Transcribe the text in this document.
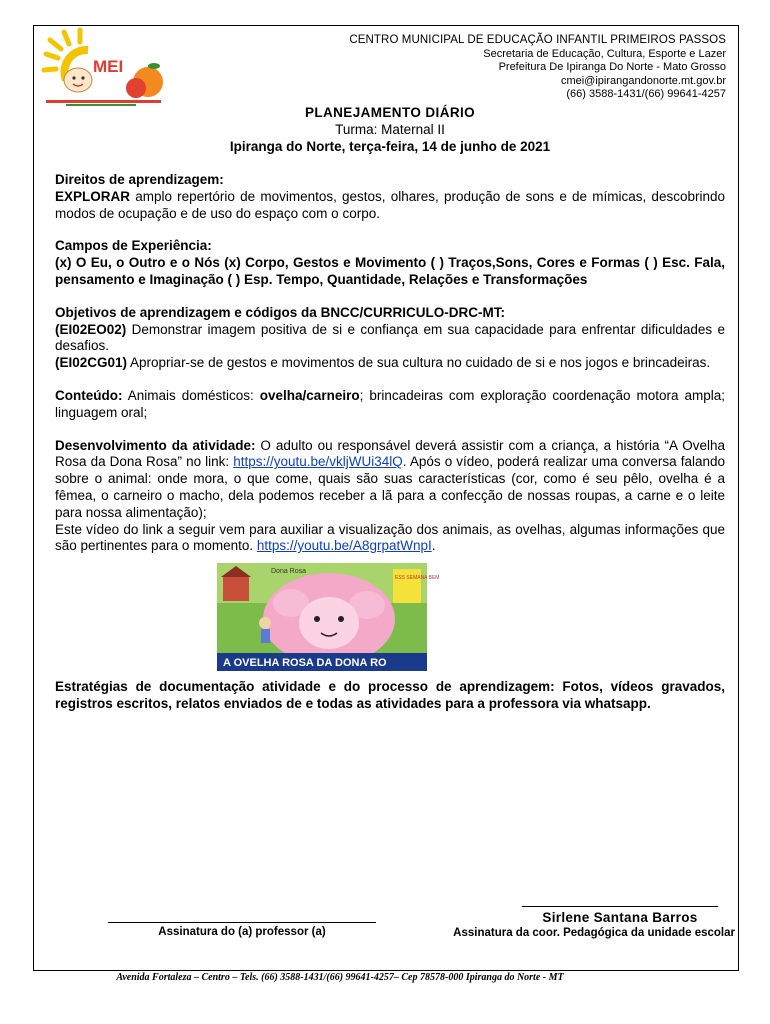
MEI
CENTRO MUNICIPAL DE EDUCAÇÃO INFANTIL PRIMEIROS PASSOS
Secretaria de Educação, Cultura, Esporte e Lazer
Prefeitura De Ipiranga Do Norte - Mato Grosso
cmei@ipirangandonorte.mt.gov.br
(66) 3588-1431/(66) 99641-4257
PLANEJAMENTO DIÁRIO
Turma: Maternal II
Ipiranga do Norte, terça-feira, 14 de junho de 2021

Direitos de aprendizagem:
EXPLORAR amplo repertório de movimentos, gestos, olhares, produção de sons e de mímicas, descobrindo modos de ocupação e de uso do espaço com o corpo.

Campos de Experiência:
(x) O Eu, o Outro e o Nós (x) Corpo, Gestos e Movimento ( ) Traços,Sons, Cores e Formas ( ) Esc. Fala, pensamento e Imaginação ( ) Esp. Tempo, Quantidade, Relações e Transformações

Objetivos de aprendizagem e códigos da BNCC/CURRICULO-DRC-MT:
(EI02EO02) Demonstrar imagem positiva de si e confiança em sua capacidade para enfrentar dificuldades e desafios.
(EI02CG01) Apropriar-se de gestos e movimentos de sua cultura no cuidado de si e nos jogos e brincadeiras.

Conteúdo: Animais domésticos: ovelha/carneiro; brincadeiras com exploração coordenação motora ampla; linguagem oral;

Desenvolvimento da atividade: O adulto ou responsável deverá assistir com a criança, a história “A Ovelha Rosa da Dona Rosa” no link: https://youtu.be/vkljWUi34lQ. Após o vídeo, poderá realizar uma conversa falando sobre o animal: onde mora, o que come, quais são suas características (cor, como é seu pêlo, ovelha é a fêmea, o carneiro o macho, dela podemos receber a lã para a confecção de nossas roupas, a carne e o leite para nossa alimentação);
Este vídeo do link a seguir vem para auxiliar a visualização dos animais, as ovelhas, algumas informações que são pertinentes para o momento. https://youtu.be/A8grpatWnpI.

Dona Rosa
ESS SEMANA BEM
A OVELHA ROSA DA DONA RO

Estratégias de documentação atividade e do processo de aprendizagem: Fotos, vídeos gravados, registros escritos, relatos enviados de e todas as atividades para a professora via whatsapp.

Assinatura do (a) professor (a)
Sirlene Santana Barros
Assinatura da coor. Pedagógica da unidade escolar
Avenida Fortaleza – Centro – Tels. (66) 3588-1431/(66) 99641-4257– Cep 78578-000 Ipiranga do Norte - MT
